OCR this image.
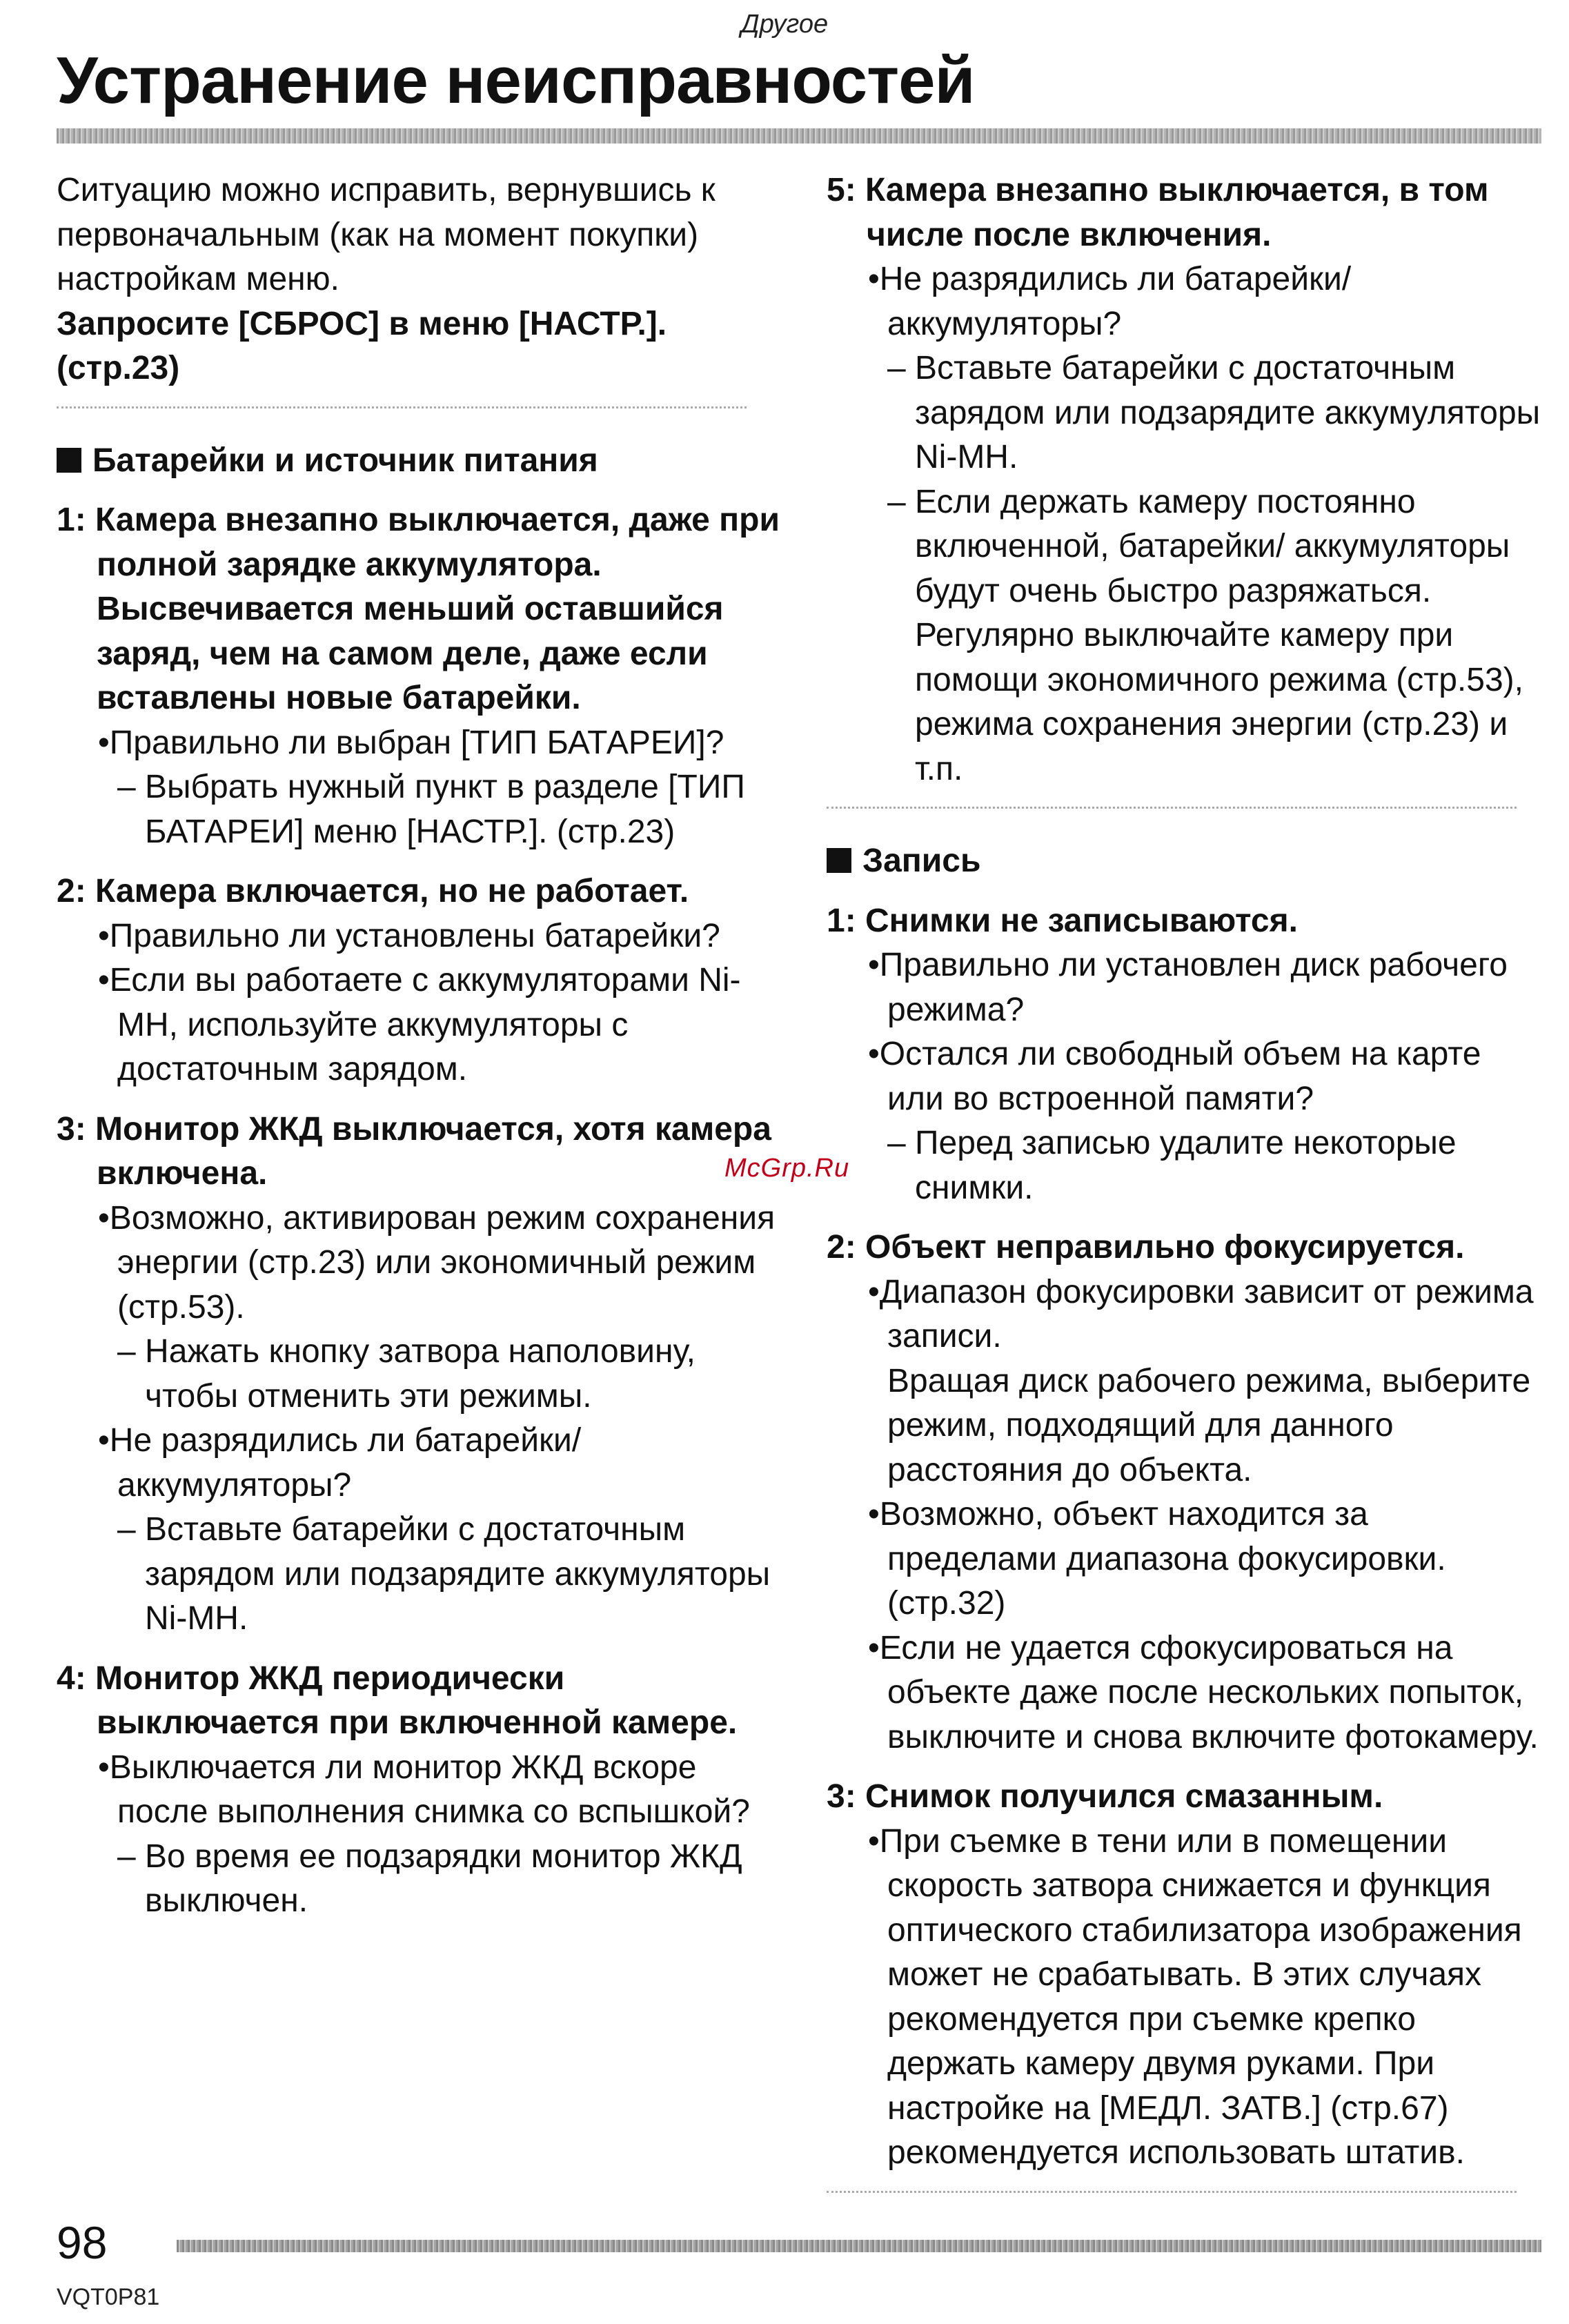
Другое
Устранение неисправностей

Ситуацию можно исправить, вернувшись к первоначальным (как на момент покупки) настройкам меню.

Запросите [СБРОС] в меню [НАСТР.]. (стр.23)

Батарейки и источник питания

1: Камера внезапно выключается, даже при полной зарядке аккумулятора. Высвечивается меньший оставшийся заряд, чем на самом деле, даже если вставлены новые батарейки.

•Правильно ли выбран [ТИП БАТАРЕИ]?

– Выбрать нужный пункт в разделе [ТИП БАТАРЕИ] меню [НАСТР.]. (стр.23)

2: Камера включается, но не работает.

•Правильно ли установлены батарейки?

•Если вы работаете с аккумуляторами Ni-MH, используйте аккумуляторы с достаточным зарядом.

3: Монитор ЖКД выключается, хотя камера включена.

•Возможно, активирован режим сохранения энергии (стр.23) или экономичный режим (стр.53).

– Нажать кнопку затвора наполовину, чтобы отменить эти режимы.

•Не разрядились ли батарейки/ аккумуляторы?

– Вставьте батарейки с достаточным зарядом или подзарядите аккумуляторы Ni-MH.

4: Монитор ЖКД периодически выключается при включенной камере.

•Выключается ли монитор ЖКД вскоре после выполнения снимка со вспышкой?

– Во время ее подзарядки монитор ЖКД выключен.

5: Камера внезапно выключается, в том числе после включения.

•Не разрядились ли батарейки/ аккумуляторы?

– Вставьте батарейки с достаточным зарядом или подзарядите аккумуляторы Ni-MH.

– Если держать камеру постоянно включенной, батарейки/ аккумуляторы будут очень быстро разряжаться. Регулярно выключайте камеру при помощи экономичного режима (стр.53), режима сохранения энергии (стр.23) и т.п.

Запись

1: Снимки не записываются.

•Правильно ли установлен диск рабочего режима?

•Остался ли свободный объем на карте или во встроенной памяти?

– Перед записью удалите некоторые снимки.

2: Объект неправильно фокусируется.

•Диапазон фокусировки зависит от режима записи.

Вращая диск рабочего режима, выберите режим, подходящий для данного расстояния до объекта.

•Возможно, объект находится за пределами диапазона фокусировки. (стр.32)

•Если не удается сфокусироваться на объекте даже после нескольких попыток, выключите и снова включите фотокамеру.

3: Снимок получился смазанным.

•При съемке в тени или в помещении скорость затвора снижается и функция оптического стабилизатора изображения может не срабатывать. В этих случаях рекомендуется при съемке крепко держать камеру двумя руками. При настройке на [МЕДЛ. ЗАТВ.] (стр.67) рекомендуется использовать штатив.

McGrp.Ru
98
VQT0P81
